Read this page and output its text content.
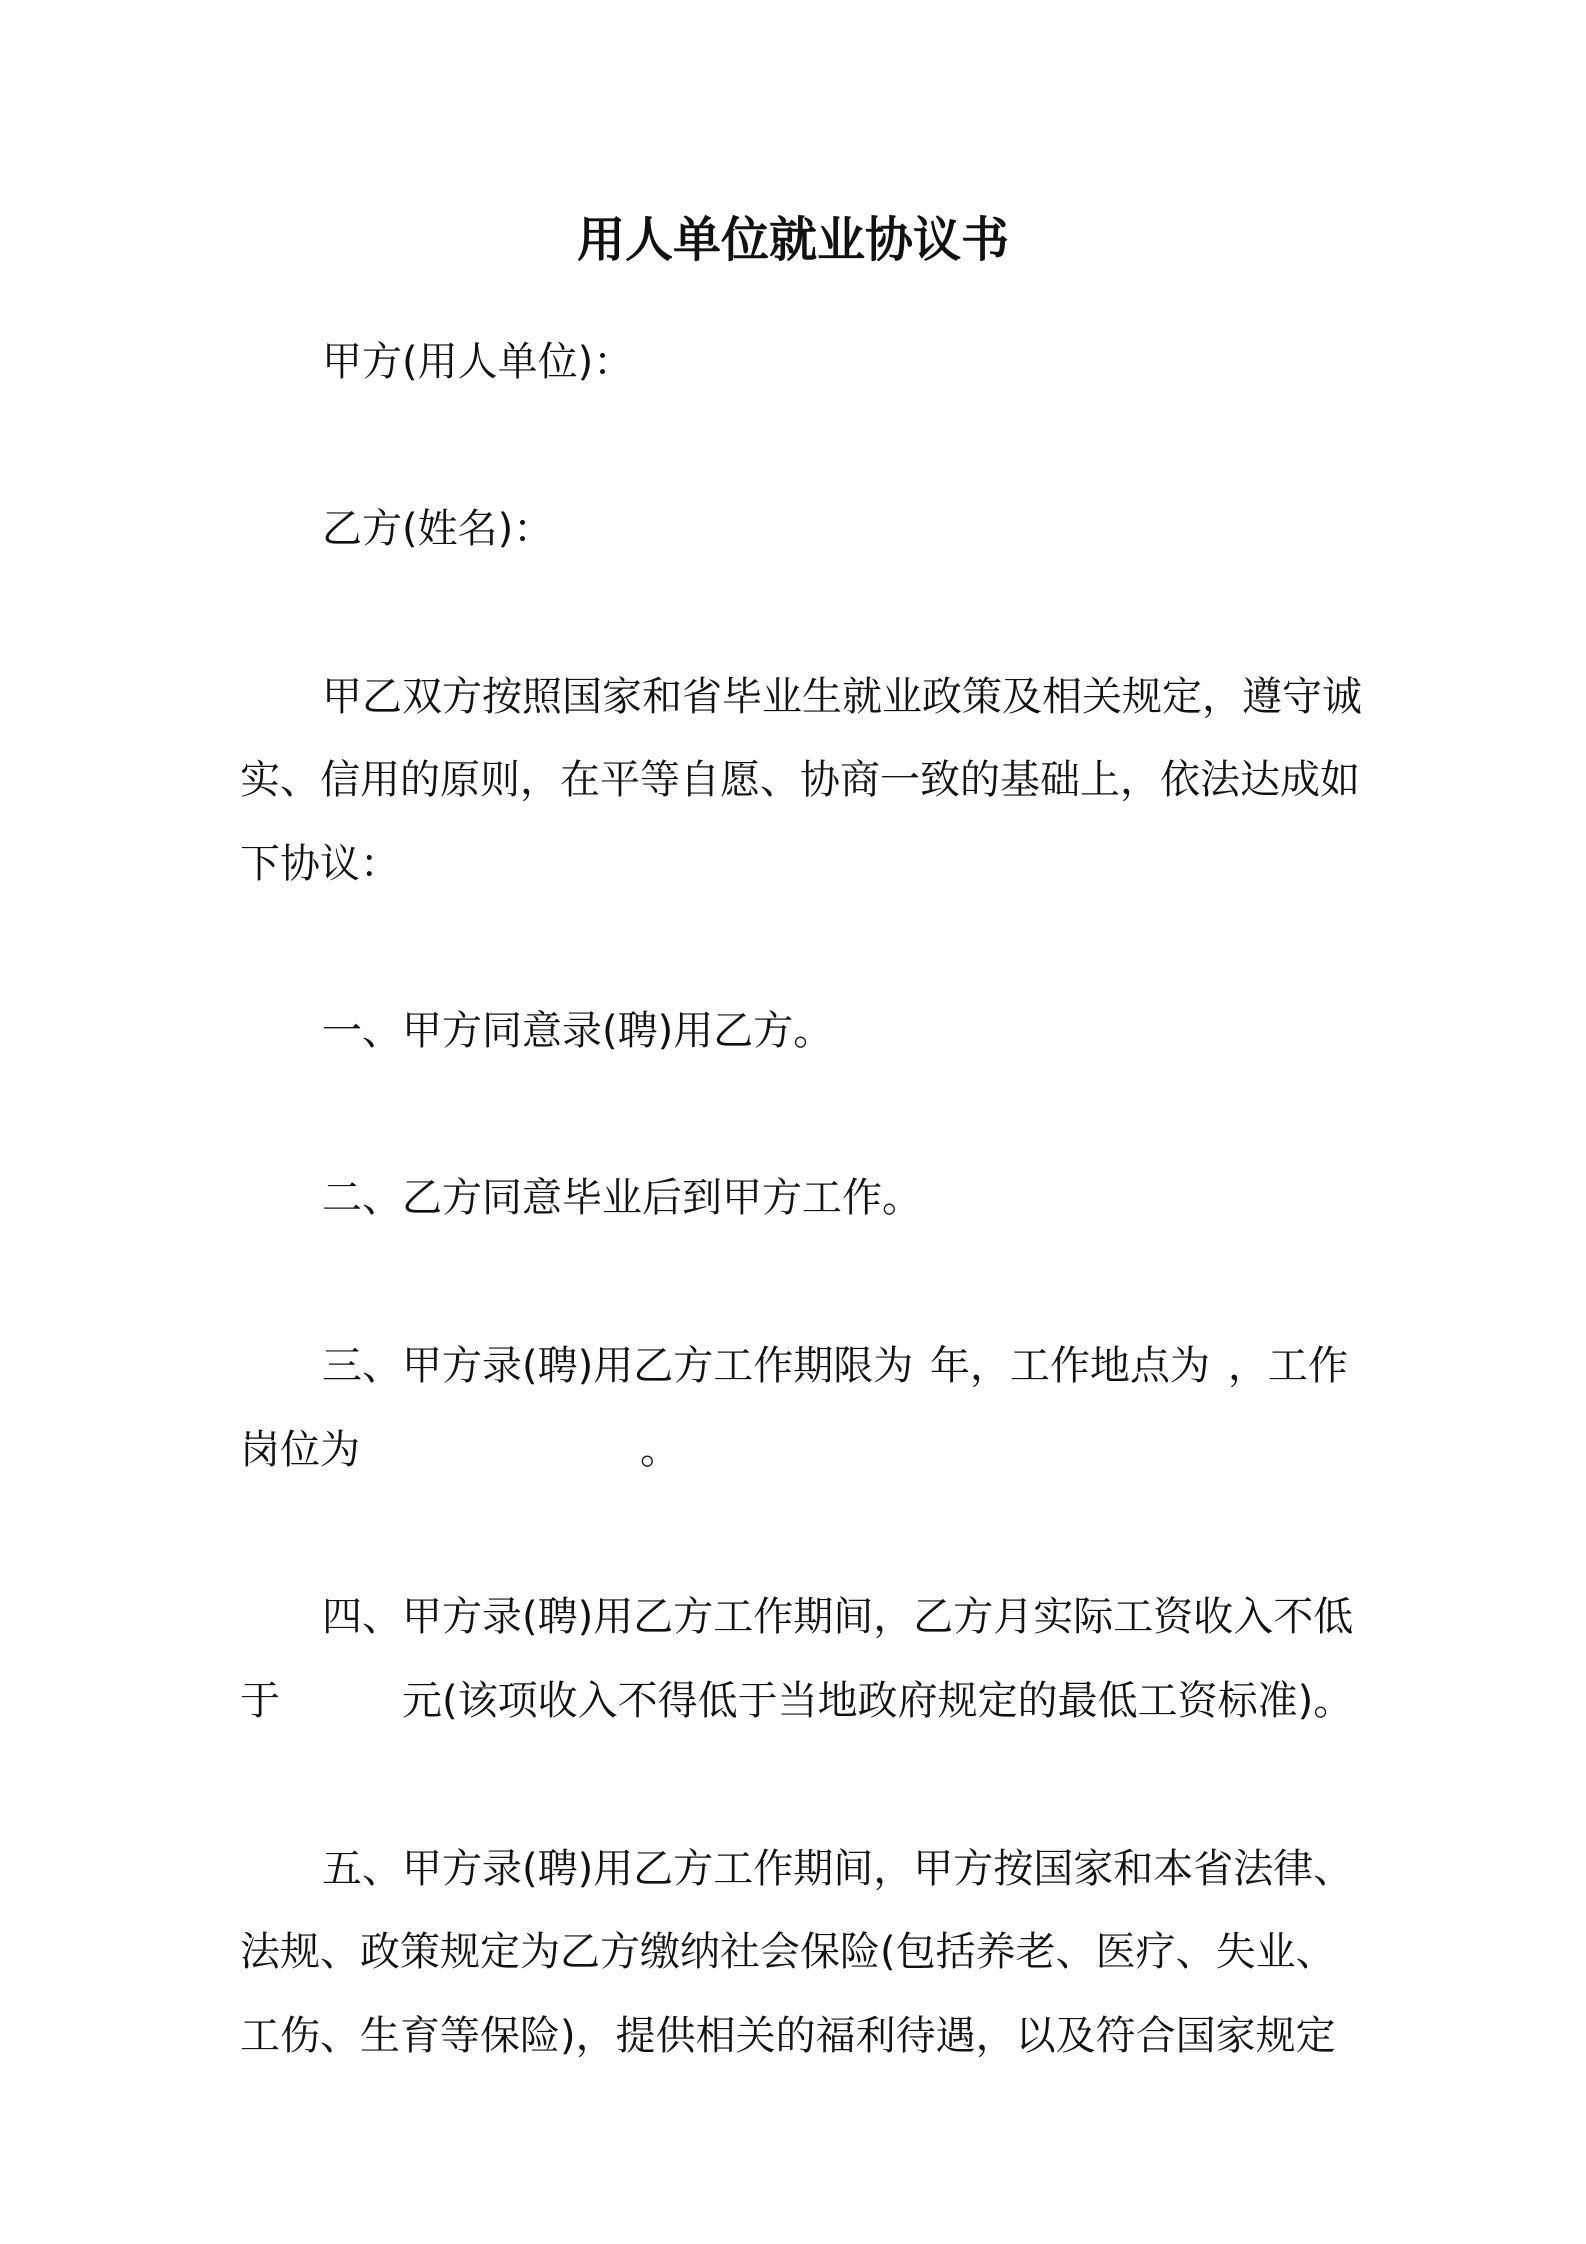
用人单位就业协议书
甲方(用人单位)：
乙方(姓名)：
甲乙双方按照国家和省毕业生就业政策及相关规定，遵守诚
实、信用的原则，在平等自愿、协商一致的基础上，依法达成如
下协议：
一、甲方同意录(聘)用乙方。
二、乙方同意毕业后到甲方工作。
三、甲方录(聘)用乙方工作期限为 年，工作地点为 ，工作
岗位为	。
四、甲方录(聘)用乙方工作期间，乙方月实际工资收入不低
于	元(该项收入不得低于当地政府规定的最低工资标准)。
五、甲方录(聘)用乙方工作期间，甲方按国家和本省法律、
法规、政策规定为乙方缴纳社会保险(包括养老、医疗、失业、
工伤、生育等保险)，提供相关的福利待遇，以及符合国家规定
